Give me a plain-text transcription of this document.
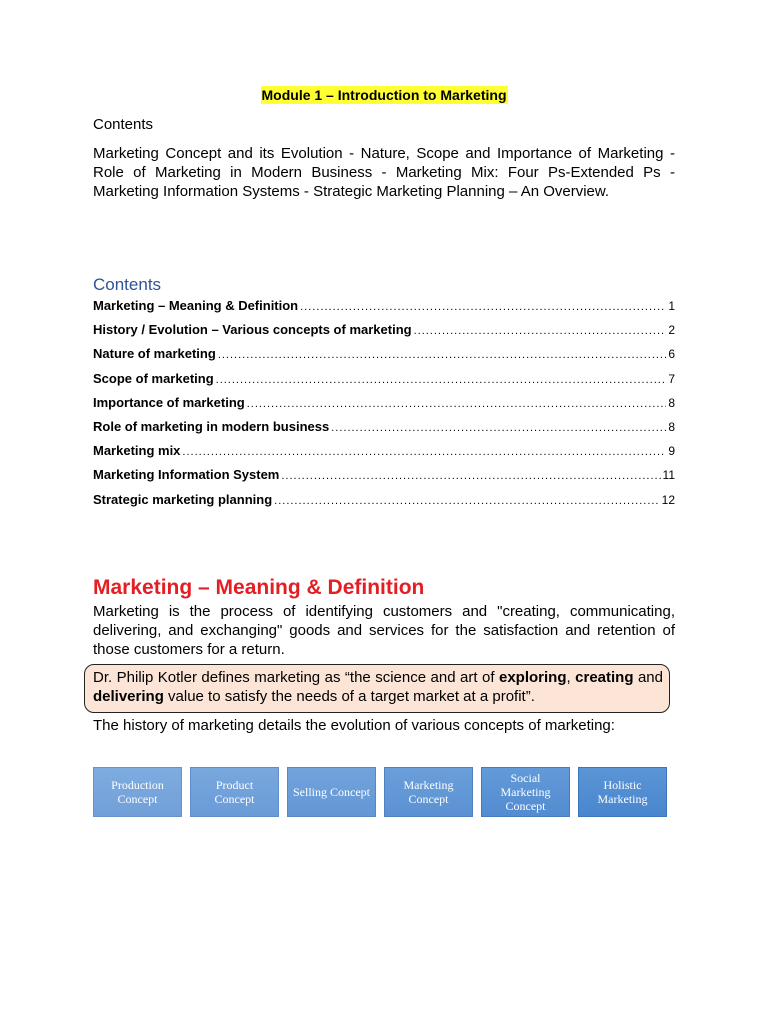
Module 1 – Introduction to Marketing
Contents
Marketing Concept and its Evolution - Nature, Scope and Importance of Marketing - Role of Marketing in Modern Business - Marketing Mix: Four Ps-Extended Ps - Marketing Information Systems - Strategic Marketing Planning – An Overview.
Contents
Marketing – Meaning & Definition .....	1
History / Evolution – Various concepts of marketing .....	2
Nature of marketing .....	6
Scope of marketing .....	7
Importance of marketing .....	8
Role of marketing in modern business .....	8
Marketing mix .....	9
Marketing Information System .....	11
Strategic marketing planning .....	12
Marketing – Meaning & Definition
Marketing is the process of identifying customers and "creating, communicating, delivering, and exchanging" goods and services for the satisfaction and retention of those customers for a return.
Dr. Philip Kotler defines marketing as “the science and art of exploring, creating and delivering value to satisfy the needs of a target market at a profit”.
The history of marketing details the evolution of various concepts of marketing:
Production Concept
Product Concept	Selling Concept	Marketing Concept
Social Marketing Concept
Holistic Marketing
